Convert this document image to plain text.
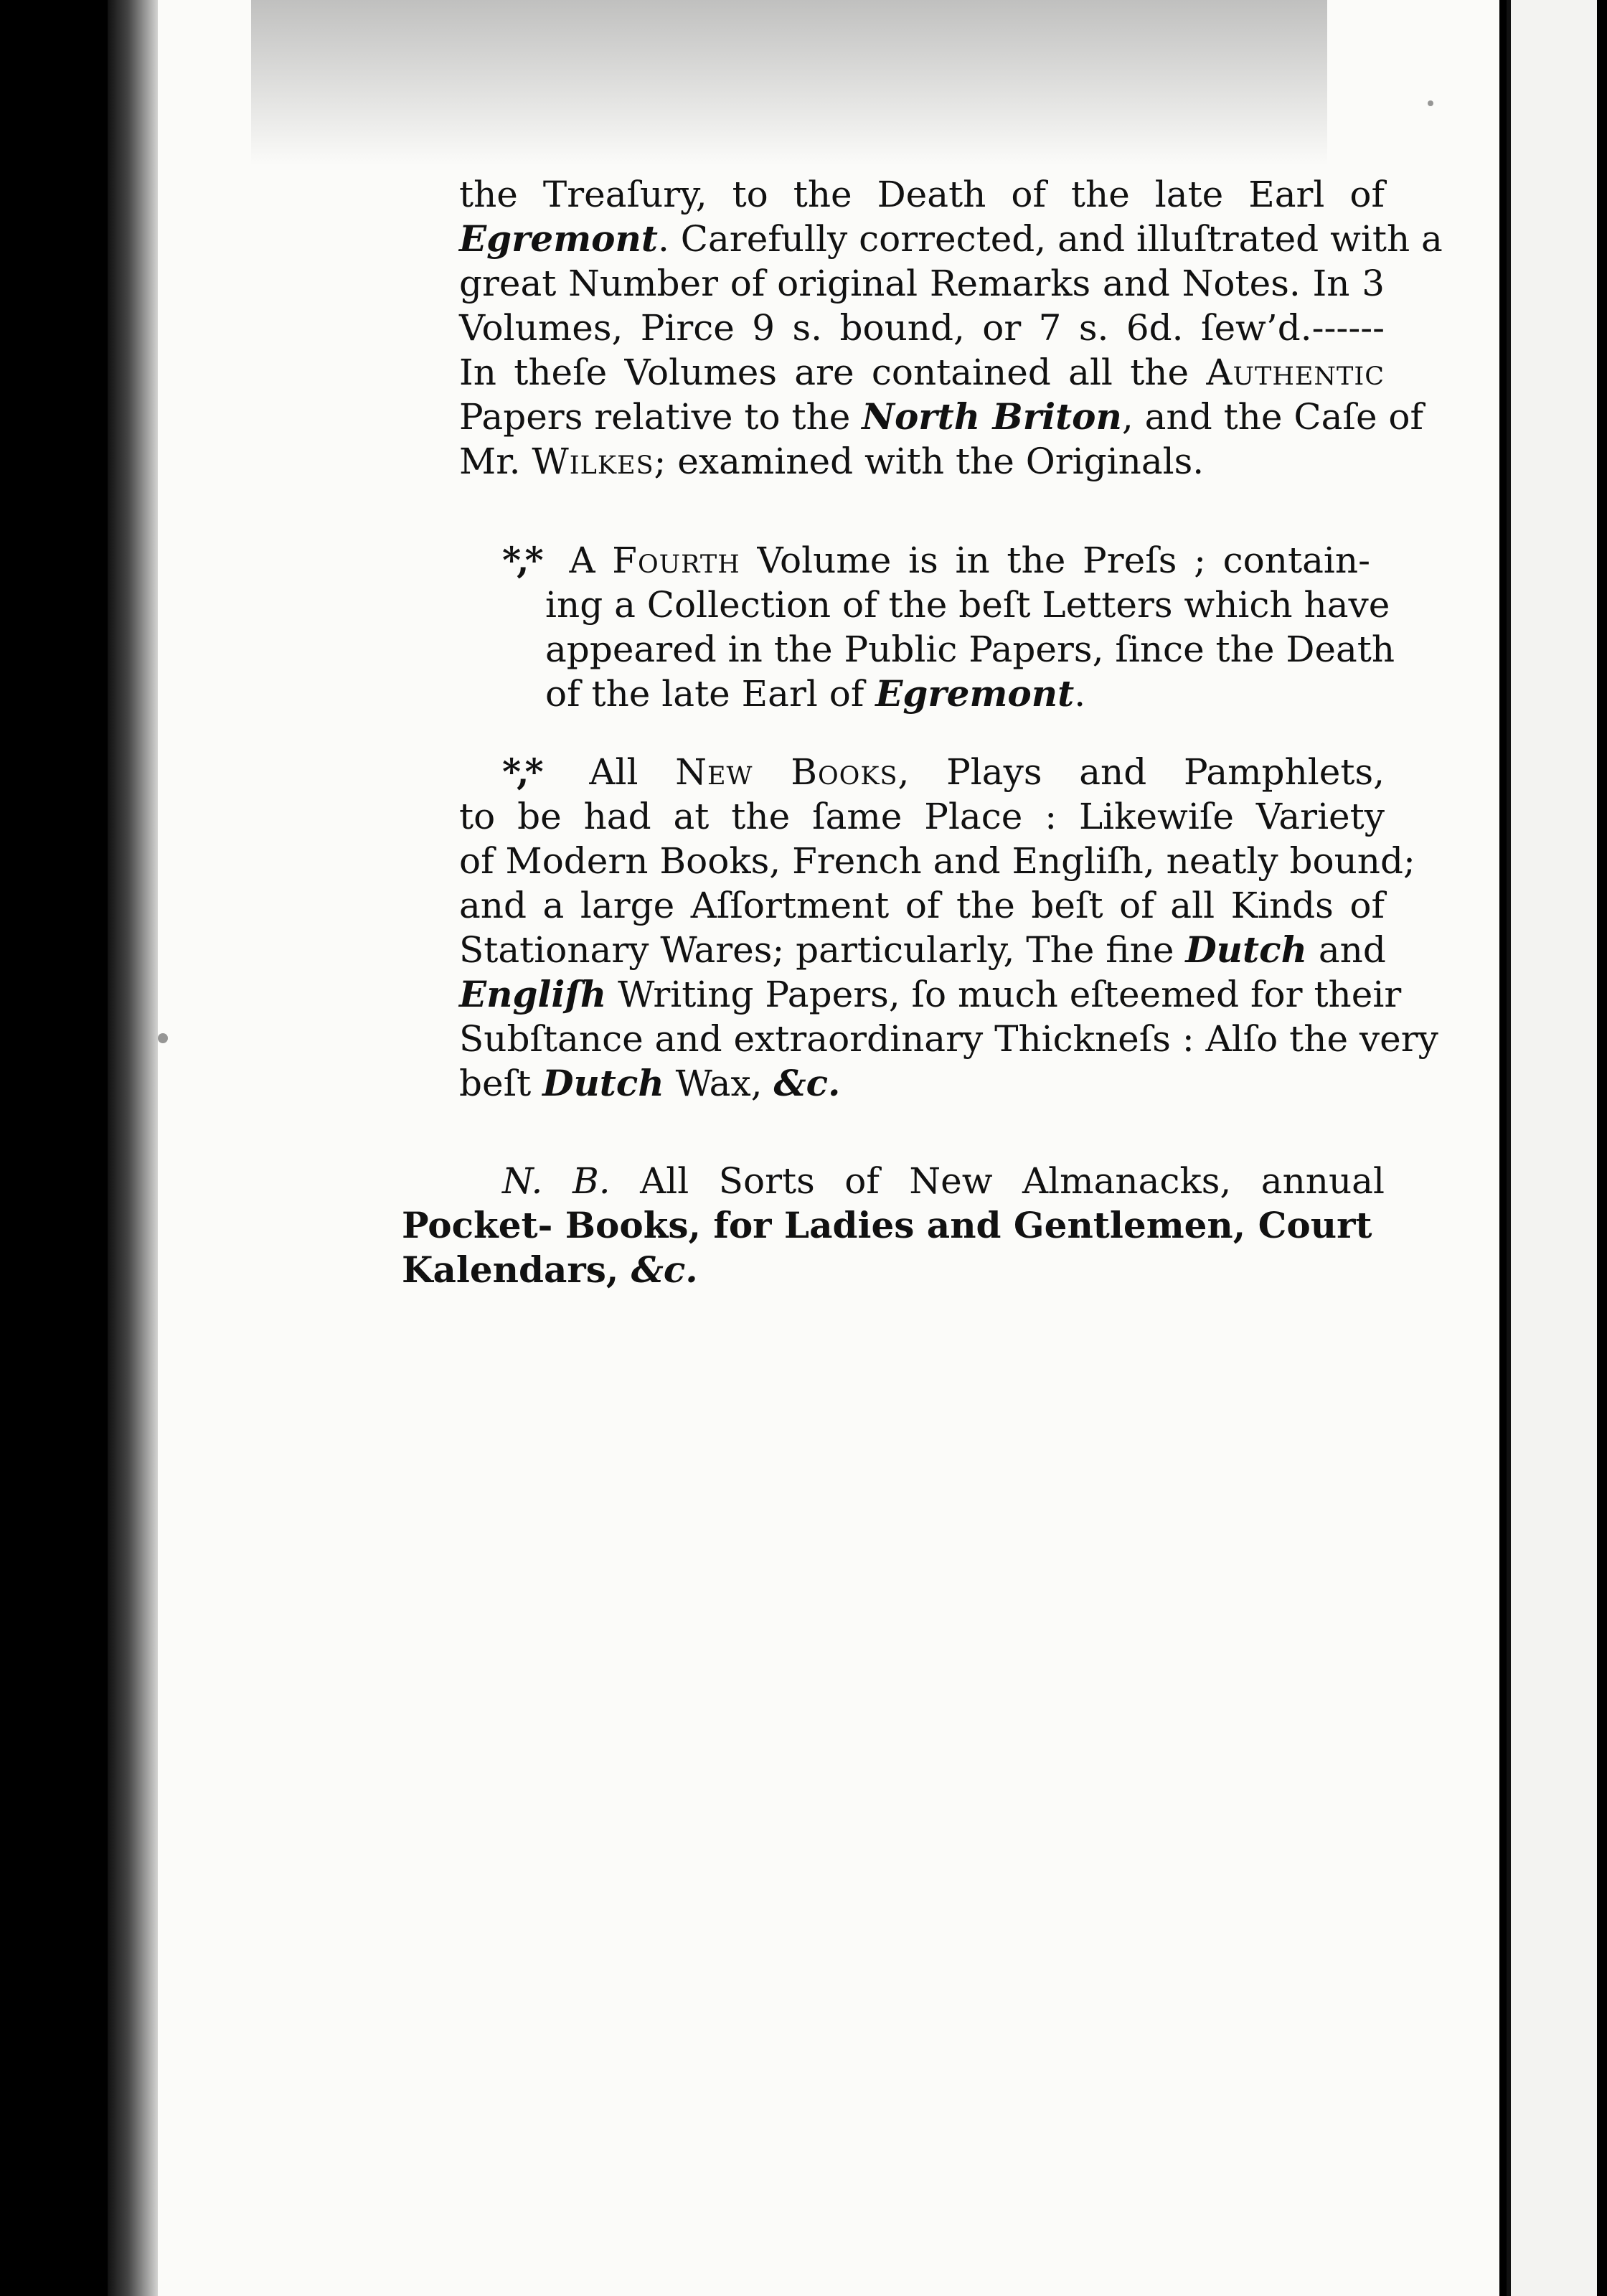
the Treaſury, to the Death of the late Earl of
Egremont. Carefully corrected, and illuſtrated with a
great Number of original Remarks and Notes. In 3
Volumes, Pirce 9 s. bound, or 7 s. 6d. ſew’d.------
In theſe Volumes are contained all the Authentic
Papers relative to the North Briton, and the Caſe of
Mr. Wilkes; examined with the Originals.
*,* A Fourth Volume is in the Preſs ; contain-
ing a Collection of the beſt Letters which have
appeared in the Public Papers, ſince the Death
of the late Earl of Egremont.
*,* All New Books, Plays and Pamphlets,
to be had at the ſame Place : Likewiſe Variety
of Modern Books, French and Engliſh, neatly bound;
and a large Aſſortment of the beſt of all Kinds of
Stationary Wares; particularly, The fine Dutch and
Engliſh Writing Papers, ſo much eſteemed for their
Subſtance and extraordinary Thickneſs : Alſo the very
beſt Dutch Wax, &c.
N. B. All Sorts of New Almanacks, annual
Pocket- Books, for Ladies and Gentlemen, Court
Kalendars, &c.
